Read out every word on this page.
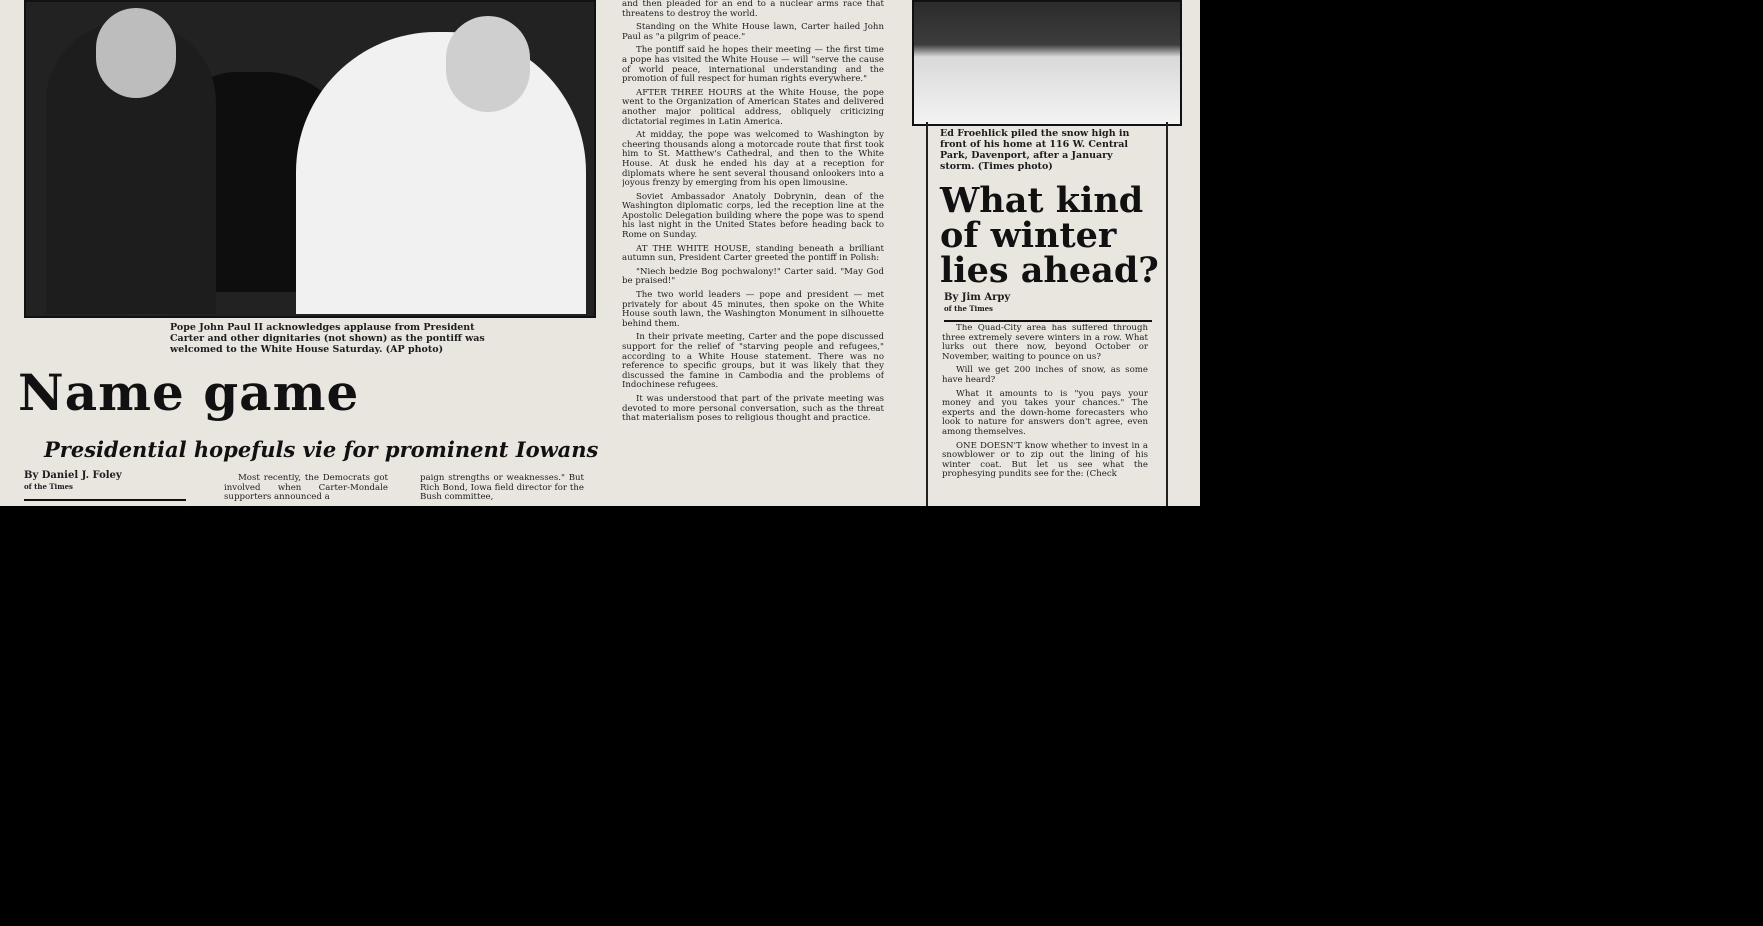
Pope John Paul II acknowledges applause from President Carter and other dignitaries (not shown) as the pontiff was welcomed to the White House Saturday. (AP photo)
Name game
Presidential hopefuls vie for prominent Iowans
By Daniel J. Foley
of the Times

Most recently, the Democrats got involved when Carter-Mondale supporters announced a

paign strengths or weaknesses." But Rich Bond, Iowa field director for the Bush committee,

and then pleaded for an end to a nuclear arms race that threatens to destroy the world.

Standing on the White House lawn, Carter hailed John Paul as "a pilgrim of peace."

The pontiff said he hopes their meeting — the first time a pope has visited the White House — will "serve the cause of world peace, international understanding and the promotion of full respect for human rights everywhere."

AFTER THREE HOURS at the White House, the pope went to the Organization of American States and delivered another major political address, obliquely criticizing dictatorial regimes in Latin America.

At midday, the pope was welcomed to Washington by cheering thousands along a motorcade route that first took him to St. Matthew's Cathedral, and then to the White House. At dusk he ended his day at a reception for diplomats where he sent several thousand onlookers into a joyous frenzy by emerging from his open limousine.

Soviet Ambassador Anatoly Dobrynin, dean of the Washington diplomatic corps, led the reception line at the Apostolic Delegation building where the pope was to spend his last night in the United States before heading back to Rome on Sunday.

AT THE WHITE HOUSE, standing beneath a brilliant autumn sun, President Carter greeted the pontiff in Polish:

"Niech bedzie Bog pochwalony!" Carter said. "May God be praised!"

The two world leaders — pope and president — met privately for about 45 minutes, then spoke on the White House south lawn, the Washington Monument in silhouette behind them.

In their private meeting, Carter and the pope discussed support for the relief of "starving people and refugees," according to a White House statement. There was no reference to specific groups, but it was likely that they discussed the famine in Cambodia and the problems of Indochinese refugees.

It was understood that part of the private meeting was devoted to more personal conversation, such as the threat that materialism poses to religious thought and practice.

Ed Froehlick piled the snow high in front of his home at 116 W. Central Park, Davenport, after a January storm. (Times photo)
What kind of winter lies ahead?
By Jim Arpy
of the Times

The Quad-City area has suffered through three extremely severe winters in a row. What lurks out there now, beyond October or November, waiting to pounce on us?

Will we get 200 inches of snow, as some have heard?

What it amounts to is "you pays your money and you takes your chances." The experts and the down-home forecasters who look to nature for answers don't agree, even among themselves.

ONE DOESN'T know whether to invest in a snowblower or to zip out the lining of his winter coat. But let us see what the prophesying pundits see for the: (Check
